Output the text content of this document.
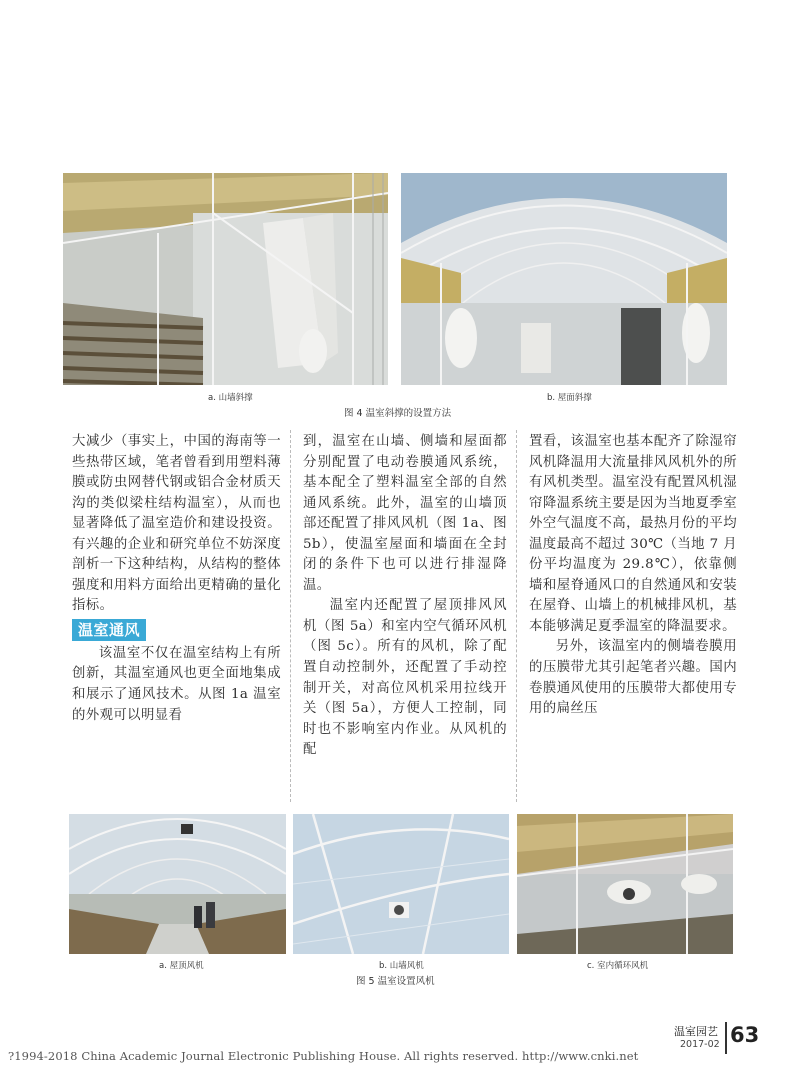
a. 山墙斜撑	b. 屋面斜撑
图 4 温室斜撑的设置方法

大减少（事实上，中国的海南等一些热带区域，笔者曾看到用塑料薄膜或防虫网替代钢或铝合金材质天沟的类似梁柱结构温室），从而也显著降低了温室造价和建设投资。有兴趣的企业和研究单位不妨深度剖析一下这种结构，从结构的整体强度和用料方面给出更精确的量化指标。

温室通风

该温室不仅在温室结构上有所创新，其温室通风也更全面地集成和展示了通风技术。从图 1a 温室的外观可以明显看

到，温室在山墙、侧墙和屋面都分别配置了电动卷膜通风系统，基本配全了塑料温室全部的自然通风系统。此外，温室的山墙顶部还配置了排风风机（图 1a、图 5b），使温室屋面和墙面在全封闭的条件下也可以进行排湿降温。

温室内还配置了屋顶排风风机（图 5a）和室内空气循环风机（图 5c）。所有的风机，除了配置自动控制外，还配置了手动控制开关，对高位风机采用拉线开关（图 5a），方便人工控制，同时也不影响室内作业。从风机的配

置看，该温室也基本配齐了除湿帘风机降温用大流量排风风机外的所有风机类型。温室没有配置风机湿帘降温系统主要是因为当地夏季室外空气温度不高，最热月份的平均温度最高不超过 30℃（当地 7 月份平均温度为 29.8℃），依靠侧墙和屋脊通风口的自然通风和安装在屋脊、山墙上的机械排风机，基本能够满足夏季温室的降温要求。

另外，该温室内的侧墙卷膜用的压膜带尤其引起笔者兴趣。国内卷膜通风使用的压膜带大都使用专用的扁丝压

a. 屋顶风机	b. 山墙风机	c. 室内循环风机
图 5 温室设置风机
温室园艺
2017-02 63
?1994-2018 China Academic Journal Electronic Publishing House. All rights reserved. http://www.cnki.net
